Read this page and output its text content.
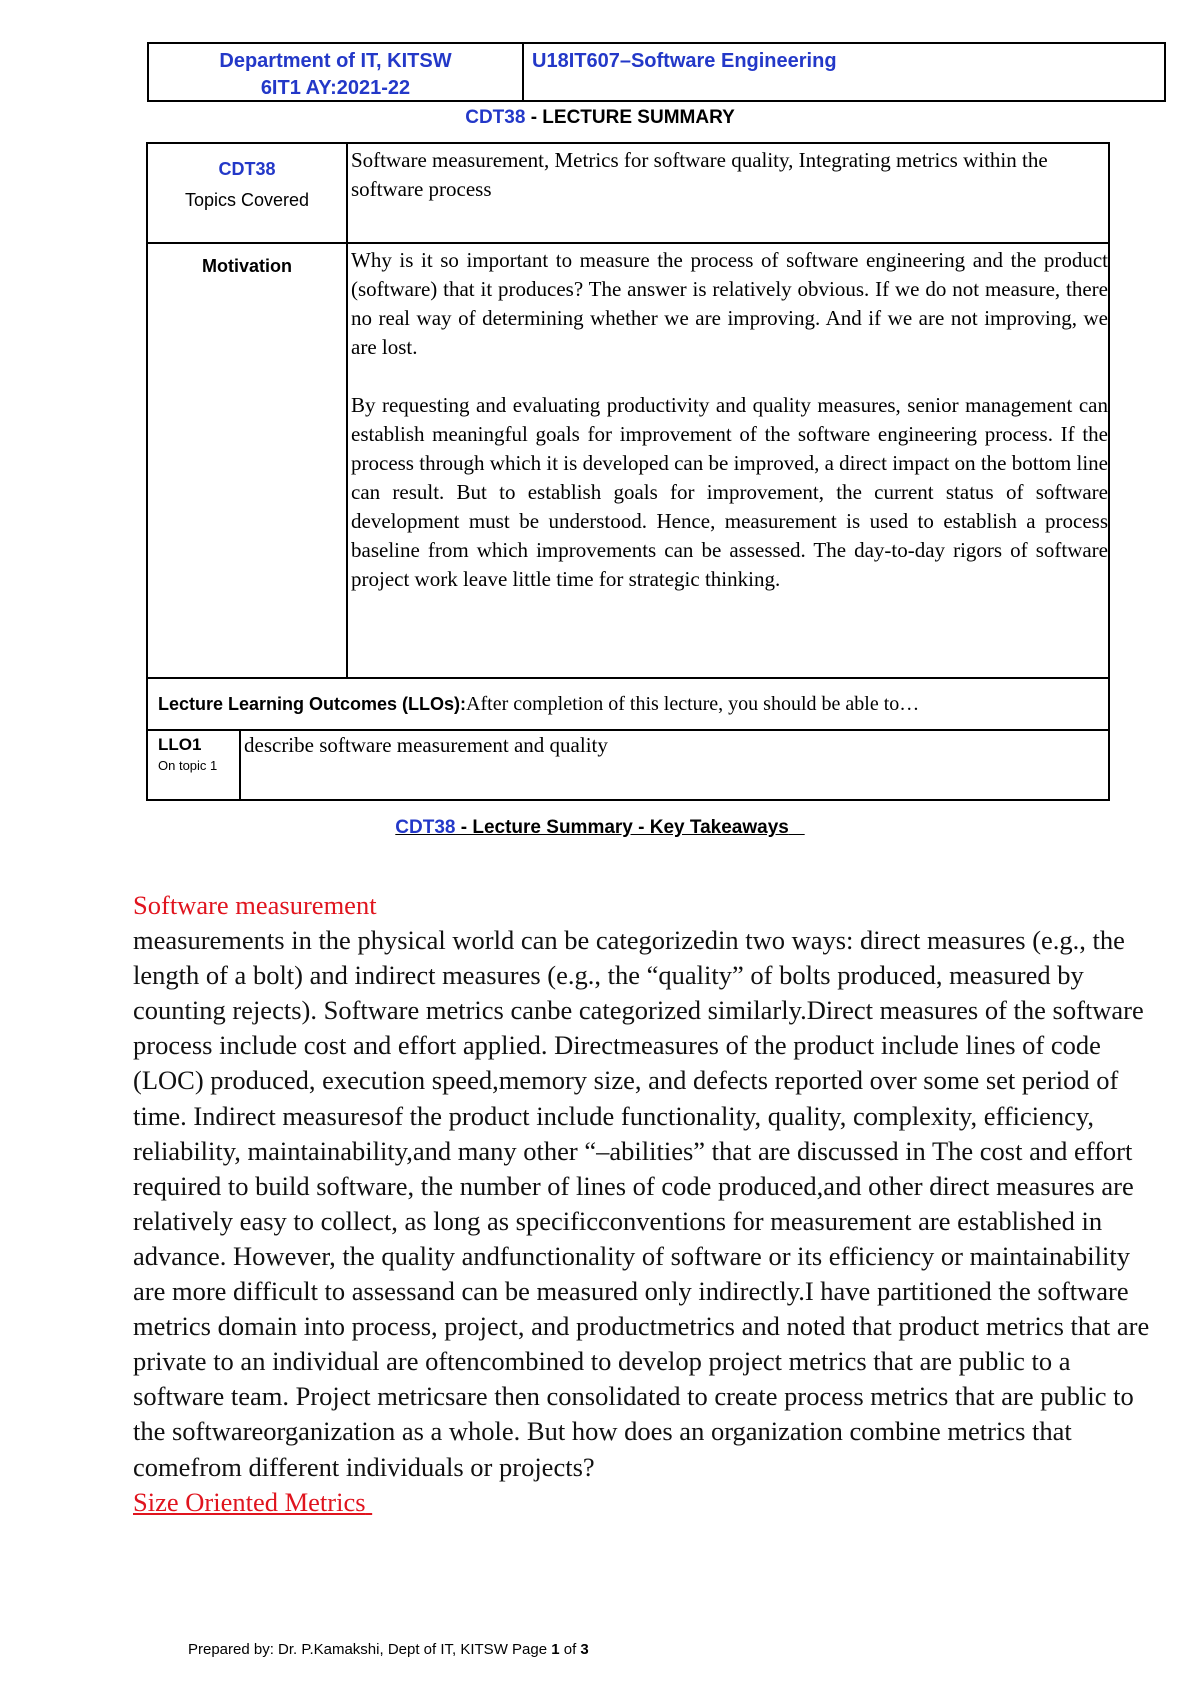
Department of IT, KITSW
6IT1 AY:2021-22
U18IT607–Software Engineering
CDT38 - LECTURE SUMMARY
CDT38
Topics Covered

Software measurement, Metrics for software quality, Integrating metrics within the software process

Motivation	Why is it so important to measure the process of software engineering and the product (software) that it produces? The answer is relatively obvious. If we do not measure, there no real way of determining whether we are improving. And if we are not improving, we are lost.

By requesting and evaluating productivity and quality measures, senior management can establish meaningful goals for improvement of the software engineering process. If the process through which it is developed can be improved, a direct impact on the bottom line can result. But to establish goals for improvement, the current status of software development must be understood. Hence, measurement is used to establish a process baseline from which improvements can be assessed. The day-to-day rigors of software project work leave little time for strategic thinking.

Lecture Learning Outcomes (LLOs):After completion of this lecture, you should be able to…
LLO1
On topic 1
describe software measurement and quality
CDT38 - Lecture Summary - Key Takeaways

Software measurement

measurements in the physical world can be categorizedin two ways: direct measures (e.g., the length of a bolt) and indirect measures (e.g., the “quality” of bolts produced, measured by counting rejects). Software metrics canbe categorized similarly.Direct measures of the software process include cost and effort applied. Directmeasures of the product include lines of code (LOC) produced, execution speed,memory size, and defects reported over some set period of time. Indirect measuresof the product include functionality, quality, complexity, efficiency, reliability, maintainability,and many other “–abilities” that are discussed in The cost and effort required to build software, the number of lines of code produced,and other direct measures are relatively easy to collect, as long as specificconventions for measurement are established in advance. However, the quality andfunctionality of software or its efficiency or maintainability are more difficult to assessand can be measured only indirectly.I have partitioned the software metrics domain into process, project, and productmetrics and noted that product metrics that are private to an individual are oftencombined to develop project metrics that are public to a software team. Project metricsare then consolidated to create process metrics that are public to the softwareorganization as a whole. But how does an organization combine metrics that comefrom different individuals or projects?

Size Oriented Metrics

Prepared by: Dr. P.Kamakshi, Dept of IT, KITSW Page 1 of 3
